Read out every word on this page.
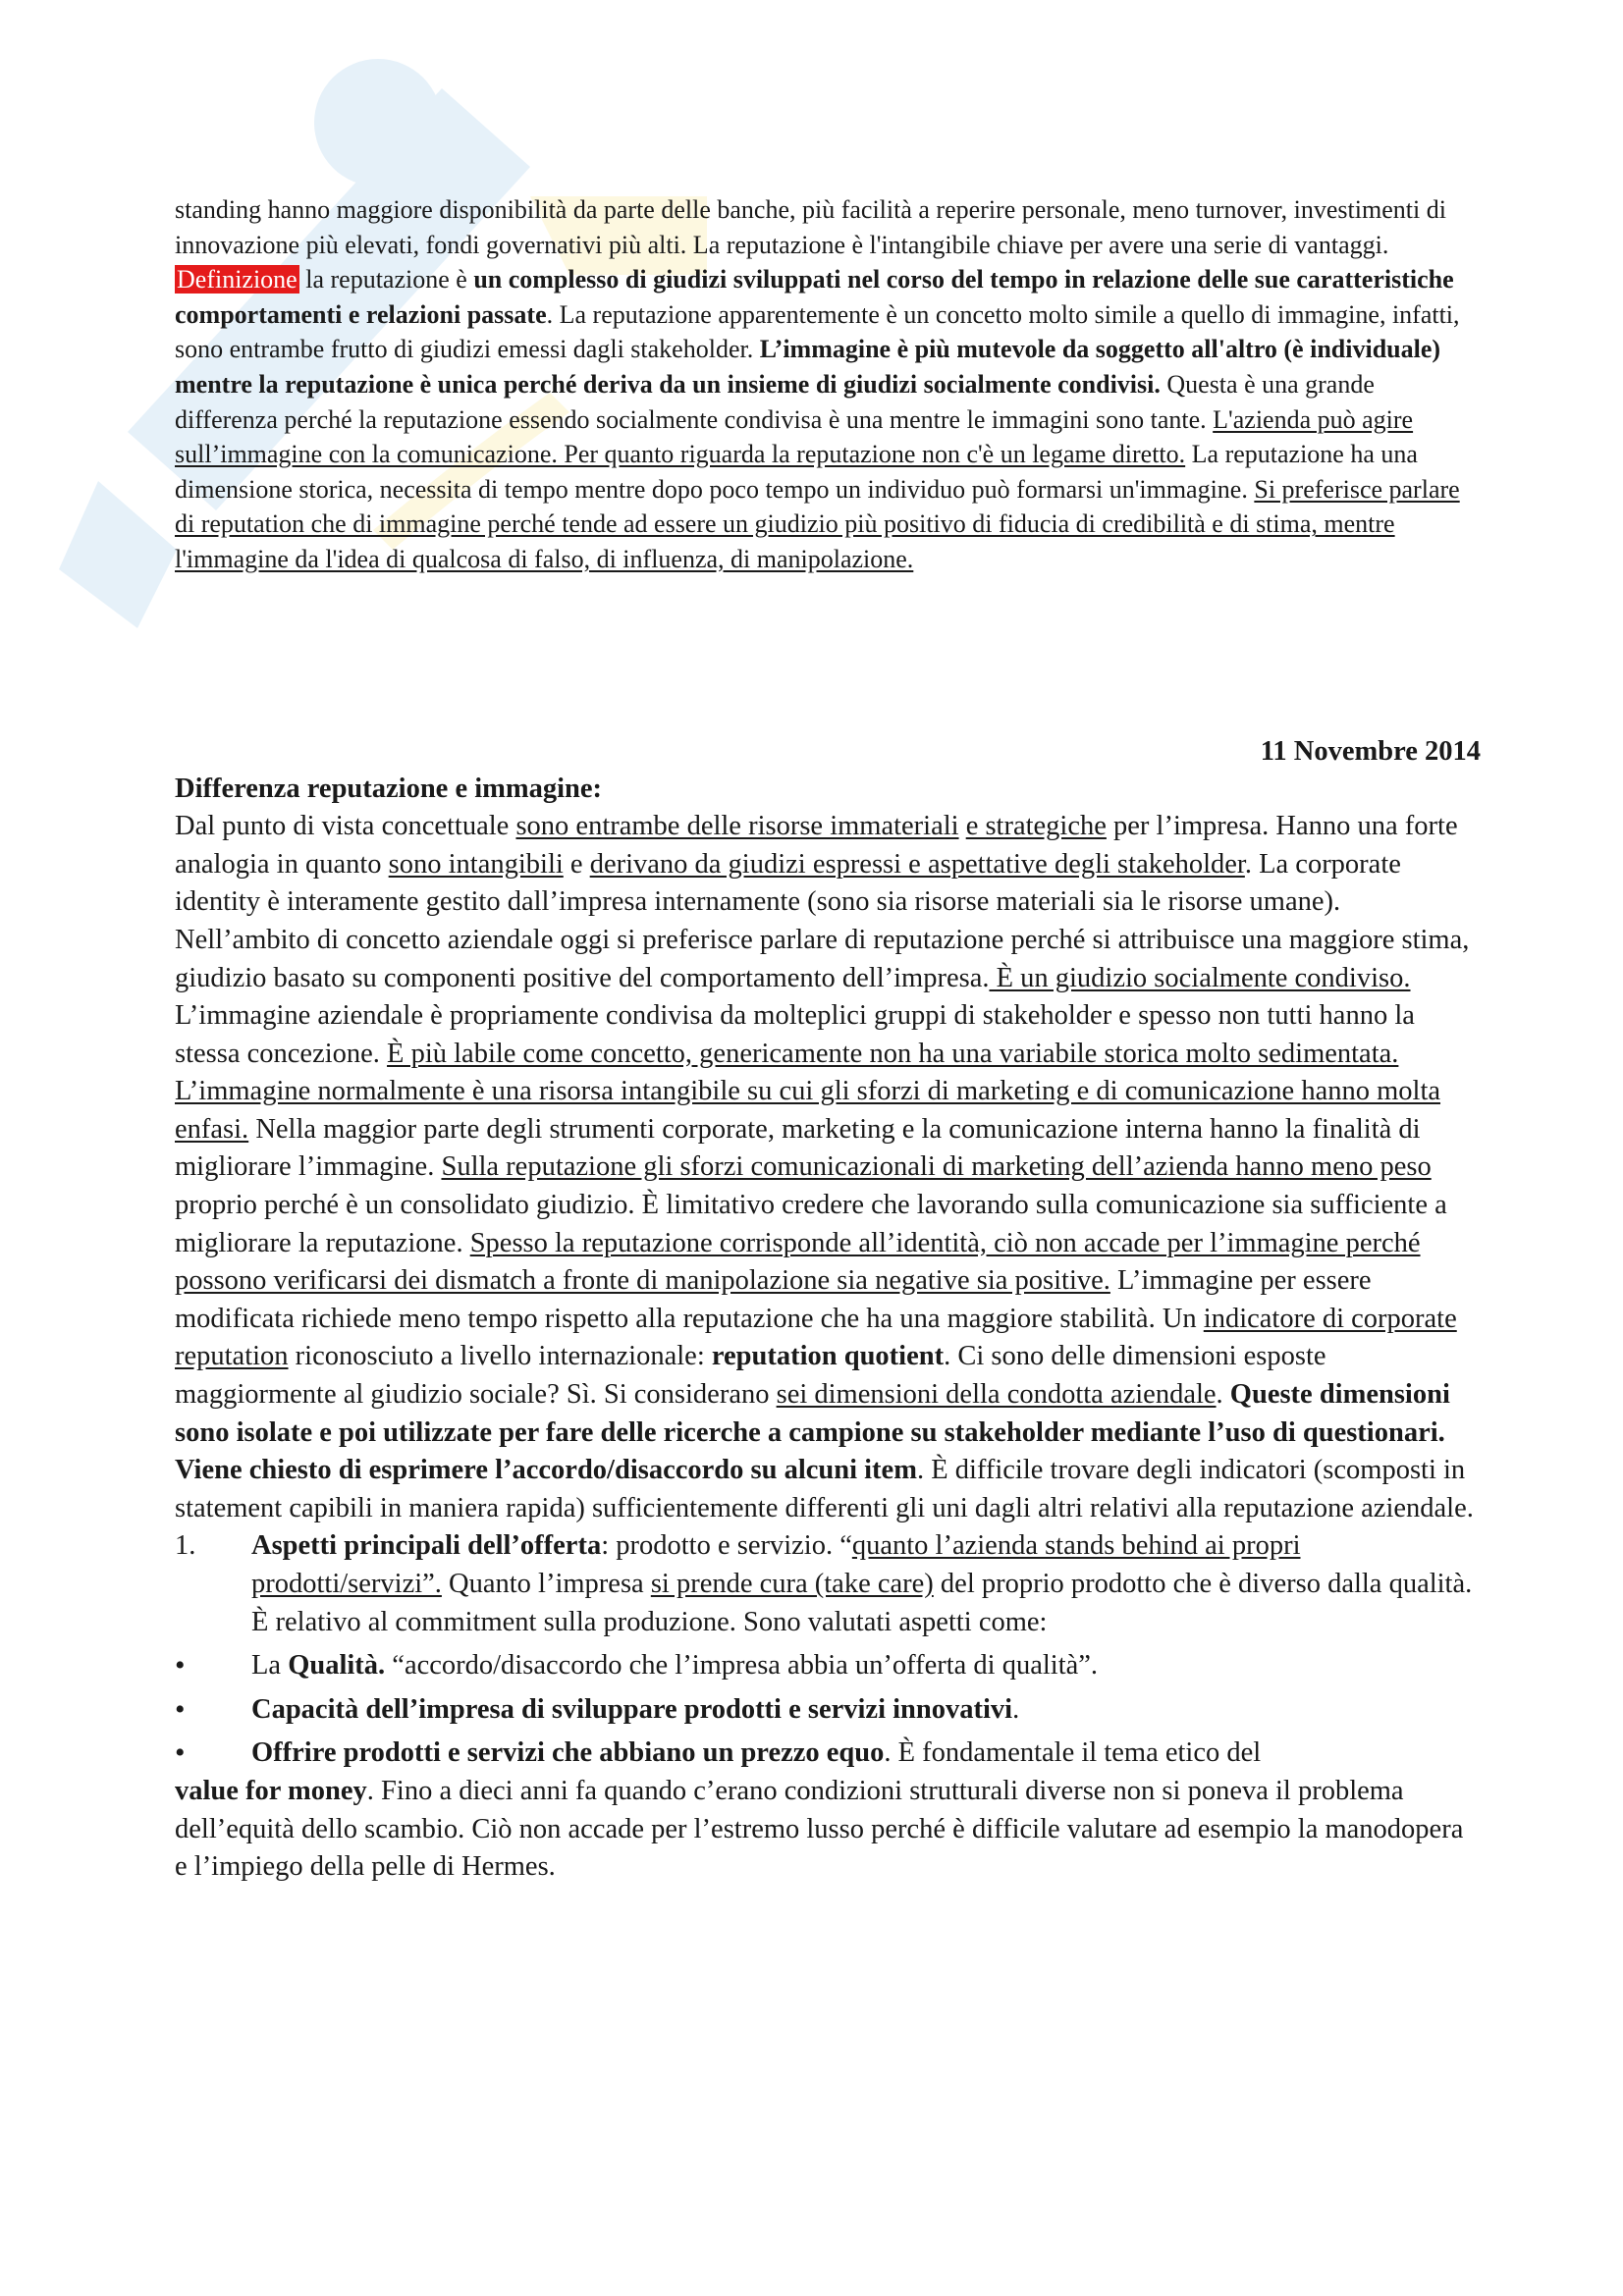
standing hanno maggiore disponibilità da parte delle banche, più facilità a reperire personale, meno turnover, investimenti di innovazione più elevati, fondi governativi più alti. La reputazione è l'intangibile chiave per avere una serie di vantaggi.

Definizione la reputazione è un complesso di giudizi sviluppati nel corso del tempo in relazione delle sue caratteristiche comportamenti e relazioni passate. La reputazione apparentemente è un concetto molto simile a quello di immagine, infatti, sono entrambe frutto di giudizi emessi dagli stakeholder. L’immagine è più mutevole da soggetto all'altro (è individuale) mentre la reputazione è unica perché deriva da un insieme di giudizi socialmente condivisi. Questa è una grande differenza perché la reputazione essendo socialmente condivisa è una mentre le immagini sono tante. L'azienda può agire sull’immagine con la comunicazione. Per quanto riguarda la reputazione non c'è un legame diretto. La reputazione ha una dimensione storica, necessita di tempo mentre dopo poco tempo un individuo può formarsi un'immagine. Si preferisce parlare di reputation che di immagine perché tende ad essere un giudizio più positivo di fiducia di credibilità e di stima, mentre l'immagine da l'idea di qualcosa di falso, di influenza, di manipolazione.

11 Novembre 2014

Differenza reputazione e immagine:

Dal punto di vista concettuale sono entrambe delle risorse immateriali e strategiche per l’impresa. Hanno una forte analogia in quanto sono intangibili e derivano da giudizi espressi e aspettative degli stakeholder. La corporate identity è interamente gestito dall’impresa internamente (sono sia risorse materiali sia le risorse umane). Nell’ambito di concetto aziendale oggi si preferisce parlare di reputazione perché si attribuisce una maggiore stima, giudizio basato su componenti positive del comportamento dell’impresa. È un giudizio socialmente condiviso. L’immagine aziendale è propriamente condivisa da molteplici gruppi di stakeholder e spesso non tutti hanno la stessa concezione. È più labile come concetto, genericamente non ha una variabile storica molto sedimentata. L’immagine normalmente è una risorsa intangibile su cui gli sforzi di marketing e di comunicazione hanno molta enfasi. Nella maggior parte degli strumenti corporate, marketing e la comunicazione interna hanno la finalità di migliorare l’immagine. Sulla reputazione gli sforzi comunicazionali di marketing dell’azienda hanno meno peso proprio perché è un consolidato giudizio. È limitativo credere che lavorando sulla comunicazione sia sufficiente a migliorare la reputazione. Spesso la reputazione corrisponde all’identità, ciò non accade per l’immagine perché possono verificarsi dei dismatch a fronte di manipolazione sia negative sia positive. L’immagine per essere modificata richiede meno tempo rispetto alla reputazione che ha una maggiore stabilità. Un indicatore di corporate reputation riconosciuto a livello internazionale: reputation quotient. Ci sono delle dimensioni esposte maggiormente al giudizio sociale? Sì. Si considerano sei dimensioni della condotta aziendale. Queste dimensioni sono isolate e poi utilizzate per fare delle ricerche a campione su stakeholder mediante l’uso di questionari. Viene chiesto di esprimere l’accordo/disaccordo su alcuni item. È difficile trovare degli indicatori (scomposti in statement capibili in maniera rapida) sufficientemente differenti gli uni dagli altri relativi alla reputazione aziendale.

1.	Aspetti principali dell’offerta: prodotto e servizio. “quanto l’azienda stands behind ai propri prodotti/servizi”. Quanto l’impresa si prende cura (take care) del proprio prodotto che è diverso dalla qualità. È relativo al commitment sulla produzione. Sono valutati aspetti come:
•	La Qualità. “accordo/disaccordo che l’impresa abbia un’offerta di qualità”.
•	Capacità dell’impresa di sviluppare prodotti e servizi innovativi.
•	Offrire prodotti e servizi che abbiano un prezzo equo. È fondamentale il tema etico del

value for money. Fino a dieci anni fa quando c’erano condizioni strutturali diverse non si poneva il problema dell’equità dello scambio. Ciò non accade per l’estremo lusso perché è difficile valutare ad esempio la manodopera e l’impiego della pelle di Hermes.
